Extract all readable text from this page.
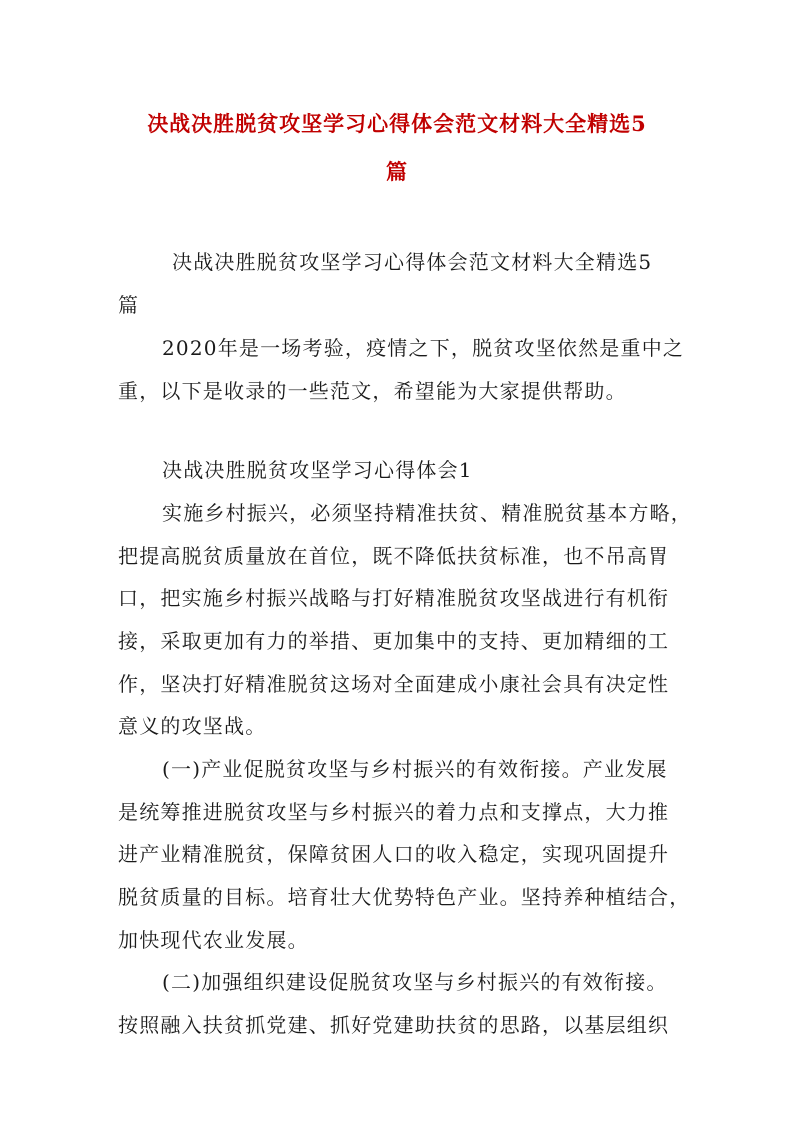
决战决胜脱贫攻坚学习心得体会范文材料大全精选5
篇
决战决胜脱贫攻坚学习心得体会范文材料大全精选5
篇
2020年是一场考验，疫情之下，脱贫攻坚依然是重中之
重，以下是收录的一些范文，希望能为大家提供帮助。
决战决胜脱贫攻坚学习心得体会1
实施乡村振兴，必须坚持精准扶贫、精准脱贫基本方略，
把提高脱贫质量放在首位，既不降低扶贫标准，也不吊高胃
口，把实施乡村振兴战略与打好精准脱贫攻坚战进行有机衔
接，采取更加有力的举措、更加集中的支持、更加精细的工
作，坚决打好精准脱贫这场对全面建成小康社会具有决定性
意义的攻坚战。
(一)产业促脱贫攻坚与乡村振兴的有效衔接。产业发展
是统筹推进脱贫攻坚与乡村振兴的着力点和支撑点，大力推
进产业精准脱贫，保障贫困人口的收入稳定，实现巩固提升
脱贫质量的目标。培育壮大优势特色产业。坚持养种植结合，
加快现代农业发展。
(二)加强组织建设促脱贫攻坚与乡村振兴的有效衔接。
按照融入扶贫抓党建、抓好党建助扶贫的思路，以基层组织
